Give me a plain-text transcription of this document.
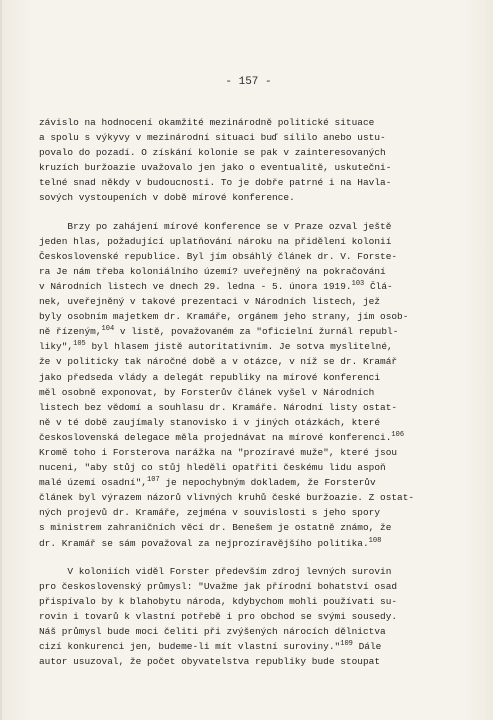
- 157 -
závislo na hodnocení okamžité mezinárodně politické situace
a spolu s výkyvy v mezinárodní situaci buď sílilo anebo ustu-
povalo do pozadí. O získání kolonie se pak v zainteresovaných
kruzích buržoazie uvažovalo jen jako o eventualitě, uskutečni-
telné snad někdy v budoucnosti. To je dobře patrné i na Havla-
sových vystoupeních v době mírové konference.
Brzy po zahájení mírové konference se v Praze ozval ještě
jeden hlas, požadující uplatňování nároku na přidělení kolonií
Československé republice. Byl jím obsáhlý článek dr. V. Forste-
ra Je nám třeba koloniálního území? uveřejněný na pokračování
v Národních listech ve dnech 29. ledna - 5. února 1919.$^{103}$ Člá-
nek, uveřejněný v takové prezentaci v Národních listech, jež
byly osobním majetkem dr. Kramáře, orgánem jeho strany, jím osob-
ně řízeným,$^{104}$ v listě, považovaném za "oficielní žurnál republ-
liky",$^{105}$ byl hlasem jistě autoritativním. Je sotva myslitelné,
že v politicky tak náročné době a v otázce, v níž se dr. Kramář
jako předseda vlády a delegát republiky na mírové konferenci
měl osobně exponovat, by Forsterův článek vyšel v Národních
listech bez vědomí a souhlasu dr. Kramáře. Národní listy ostat-
ně v té době zaujímaly stanovisko i v jiných otázkách, které
československá delegace měla projednávat na mírové konferenci.$^{106}$
Kromě toho i Forsterova narážka na "prozíravé muže", které jsou
nuceni, "aby stůj co stůj hleděli opatřiti českému lidu aspoň
malé území osadní",$^{107}$ je nepochybným dokladem, že Forsterův
článek byl výrazem názorů vlivných kruhů české buržoazie. Z ostat-
ných projevů dr. Kramáře, zejména v souvislosti s jeho spory
s ministrem zahraničních věcí dr. Benešem je ostatně známo, že
dr. Kramář se sám považoval za nejprozíravějšího politika.$^{108}$
V koloniích viděl Forster především zdroj levných surovin
pro československý průmysl: "Uvažme jak přírodní bohatství osad
přispívalo by k blahobytu národa, kdybychom mohli používati su-
rovin i tovarů k vlastní potřebě i pro obchod se svými sousedy.
Náš průmysl bude moci čeliti při zvýšených nárocích dělnictva
cizí konkurenci jen, budeme-li mít vlastní suroviny."$^{109}$ Dále
autor usuzoval, že počet obyvatelstva republiky bude stoupat
